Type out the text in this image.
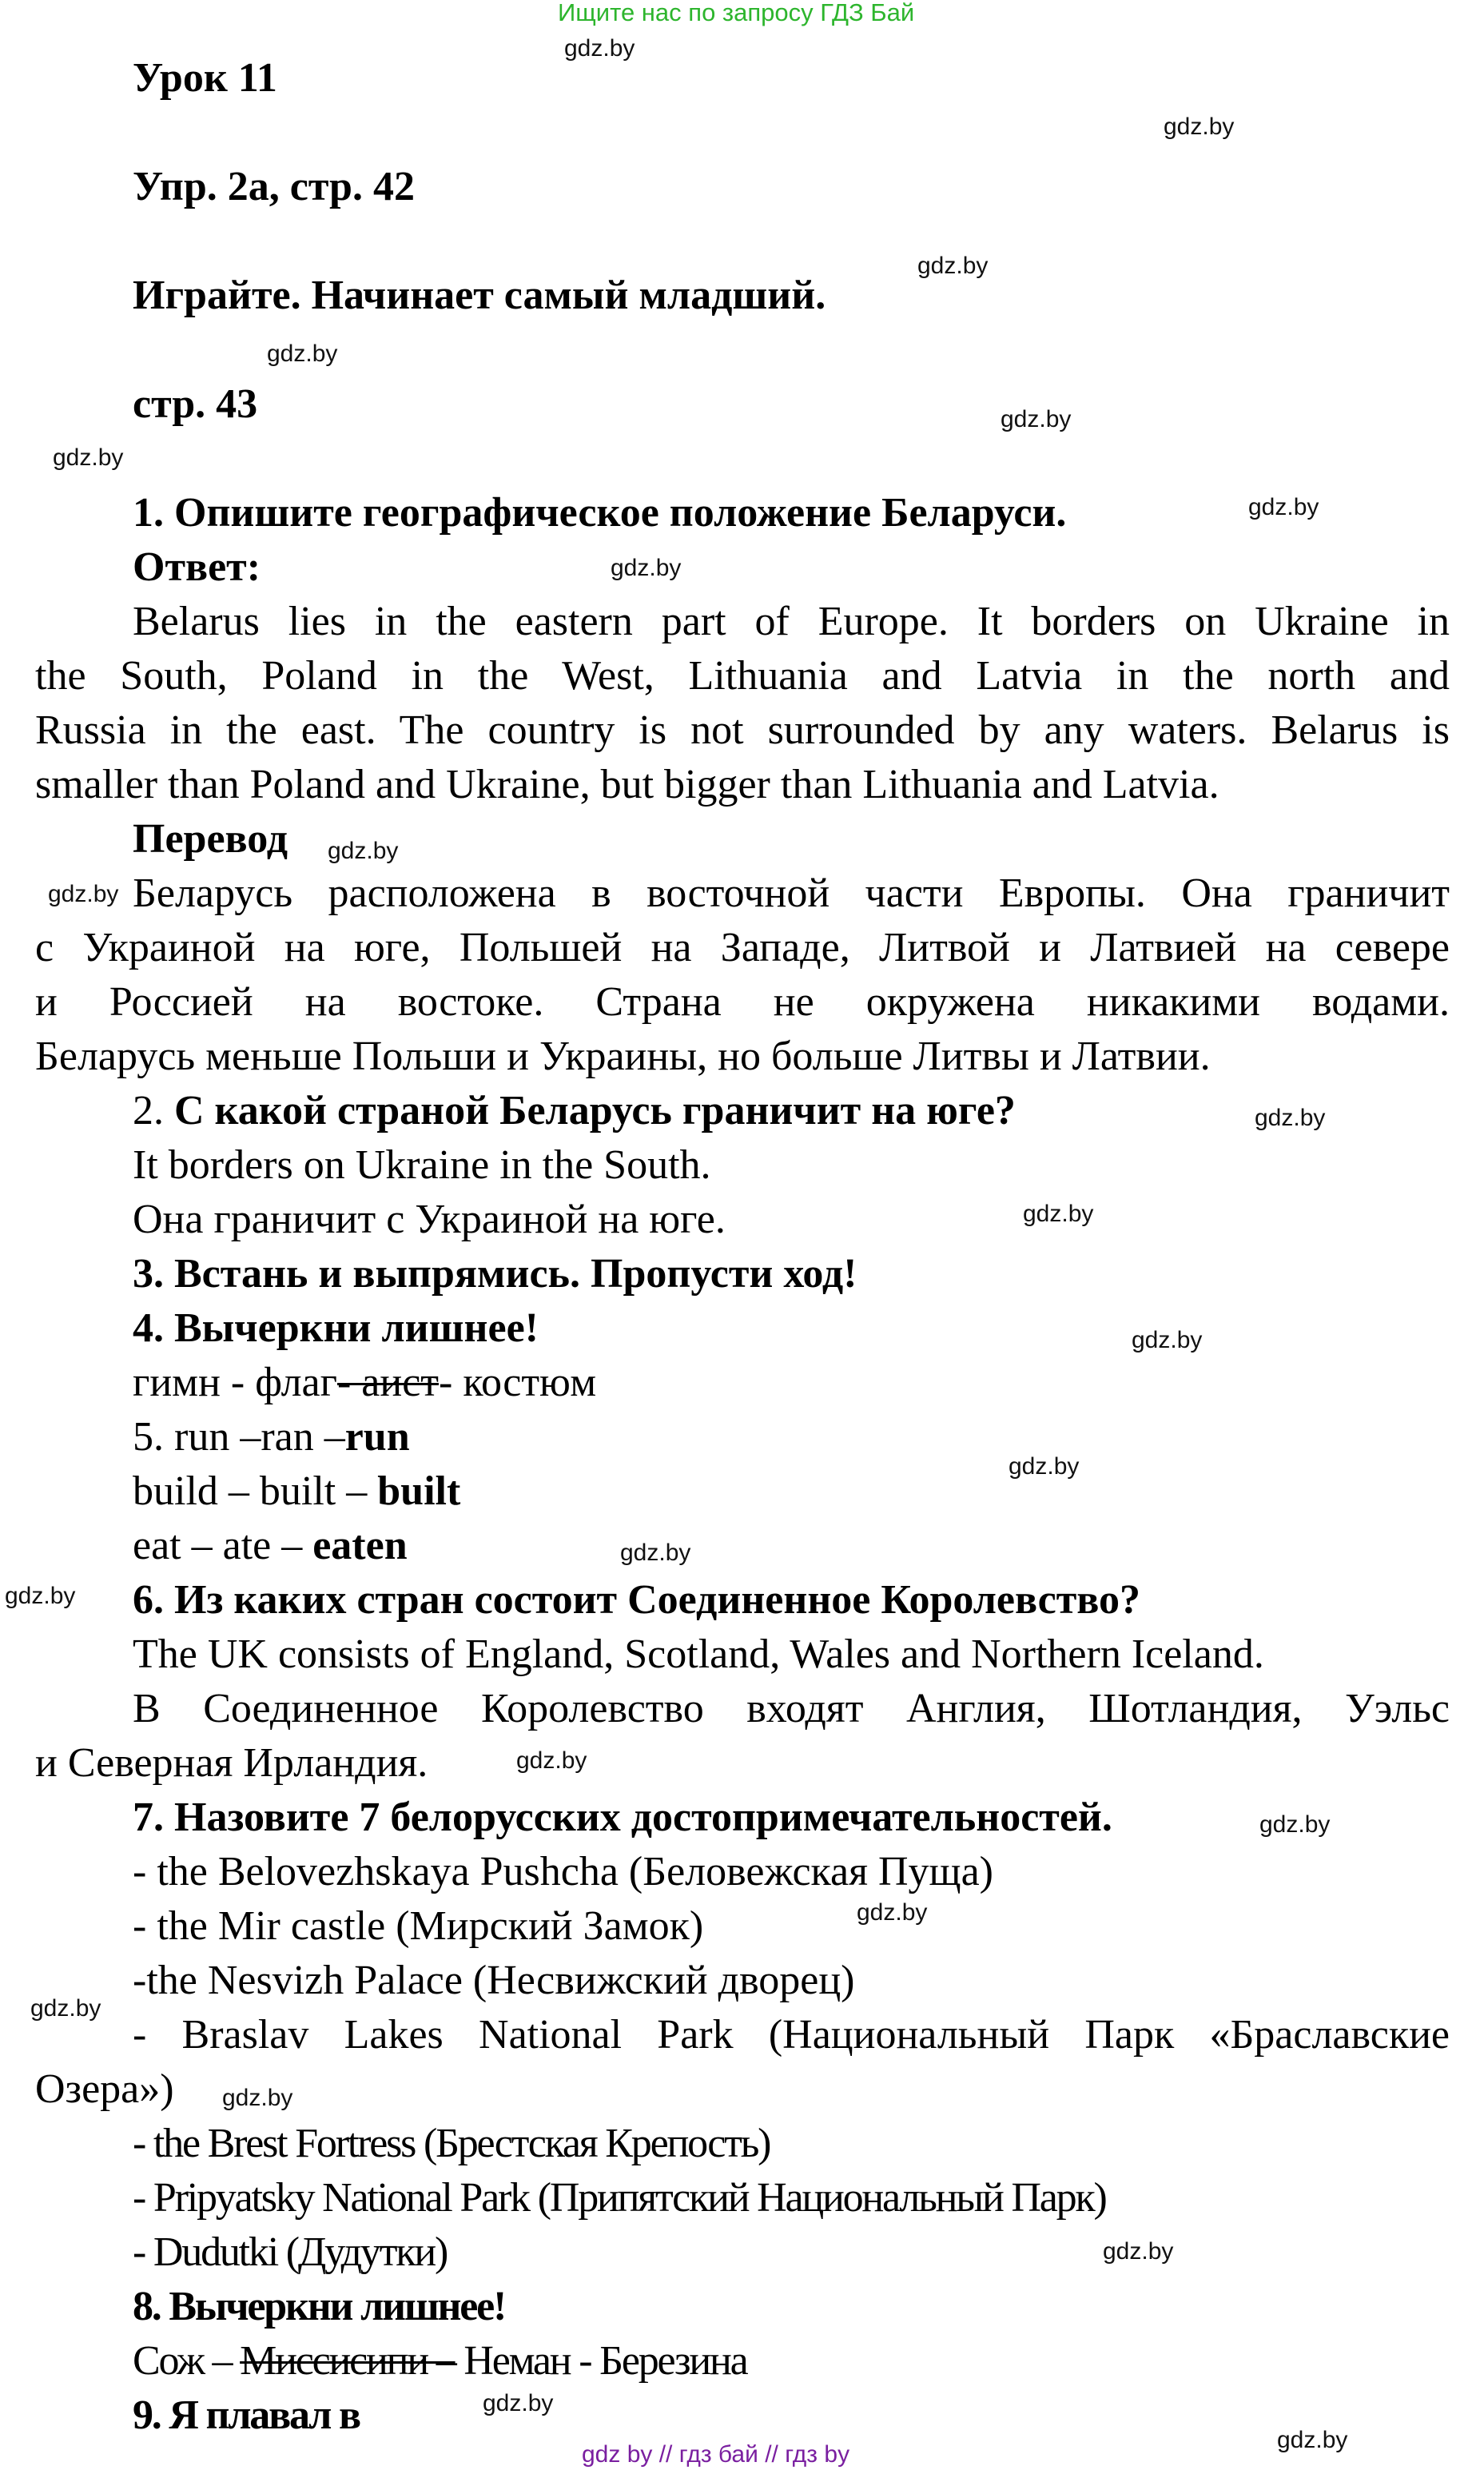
Ищите нас по запросу ГДЗ Бай
gdz by // гдз бай // гдз by
gdz.by
gdz.by
gdz.by
gdz.by
gdz.by
gdz.by
gdz.by
gdz.by
gdz.by
gdz.by
gdz.by
gdz.by
gdz.by
gdz.by
gdz.by
gdz.by
gdz.by
gdz.by
gdz.by
gdz.by
gdz.by
gdz.by
gdz.by
gdz.by
Урок 11
Упр. 2а, стр. 42
Играйте. Начинает самый младший.
стр. 43
1. Опишите географическое положение Беларуси.
Ответ:
Belarus lies in the eastern part of Europe. It borders on Ukraine in
the South, Poland in the West, Lithuania and Latvia in the north and
Russia in the east. The country is not surrounded by any waters. Belarus is
smaller than Poland and Ukraine, but bigger than Lithuania and Latvia.
Перевод
Беларусь расположена в восточной части Европы. Она граничит
с Украиной на юге, Польшей на Западе, Литвой и Латвией на севере
и Россией на востоке. Страна не окружена никакими водами.
Беларусь меньше Польши и Украины, но больше Литвы и Латвии.
2. С какой страной Беларусь граничит на юге?
It borders on Ukraine in the South.
Она граничит с Украиной на юге.
3. Встань и выпрямись. Пропусти ход!
4. Вычеркни лишнее!
гимн - флаг- аист- костюм
5. run –ran –run
build – built – built
eat – ate – eaten
6. Из каких стран состоит Соединенное Королевство?
The UK consists of England, Scotland, Wales and Northern Iceland.
В Соединенное Королевство входят Англия, Шотландия, Уэльс
и Северная Ирландия.
7. Назовите 7 белорусских достопримечательностей.
- the Belovezhskaya Pushcha (Беловежская Пуща)
- the Mir castle (Мирский Замок)
-the Nesvizh Palace (Несвижский дворец)
- Braslav Lakes National Park (Национальный Парк «Браславские
Озера»)
- the Brest Fortress (Брестская Крепость)
- Pripyatsky National Park (Припятский Национальный Парк)
- Dudutki (Дудутки)
8. Вычеркни лишнее!
Сож – Миссисипи – Неман - Березина
9. Я плавал в
